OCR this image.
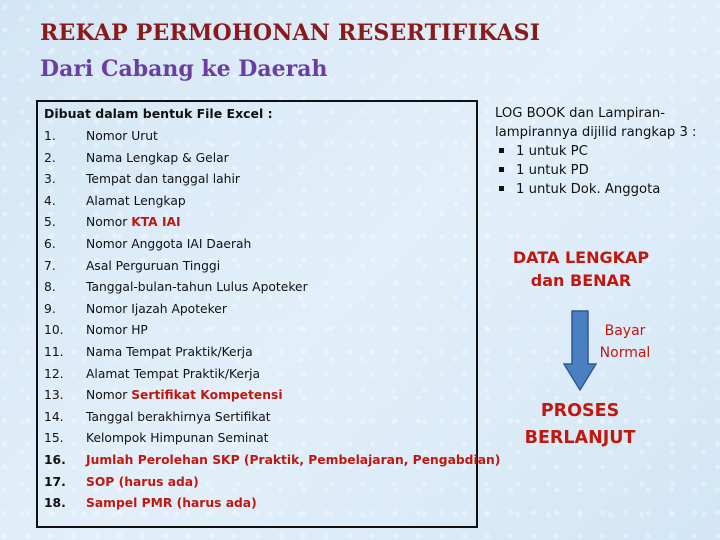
REKAP PERMOHONAN RESERTIFIKASI
Dari Cabang ke Daerah
Dibuat dalam bentuk File Excel :
1. Nomor Urut
2. Nama Lengkap & Gelar
3. Tempat dan tanggal lahir
4. Alamat Lengkap
5. Nomor KTA IAI
6. Nomor Anggota IAI Daerah
7. Asal Perguruan Tinggi
8. Tanggal-bulan-tahun Lulus Apoteker
9. Nomor Ijazah Apoteker
10. Nomor HP
11. Nama Tempat Praktik/Kerja
12. Alamat Tempat Praktik/Kerja
13. Nomor Sertifikat Kompetensi
14. Tanggal berakhirnya Sertifikat
15. Kelompok Himpunan Seminat
16. Jumlah Perolehan SKP (Praktik, Pembelajaran, Pengabdian)
17. SOP (harus ada)
18. Sampel PMR (harus ada)
LOG BOOK dan Lampiran-
lampirannya dijilid rangkap 3 :
1 untuk PC
1 untuk PD
1 untuk Dok. Anggota
DATA LENGKAP
dan BENAR
Bayar
Normal
PROSES
BERLANJUT
